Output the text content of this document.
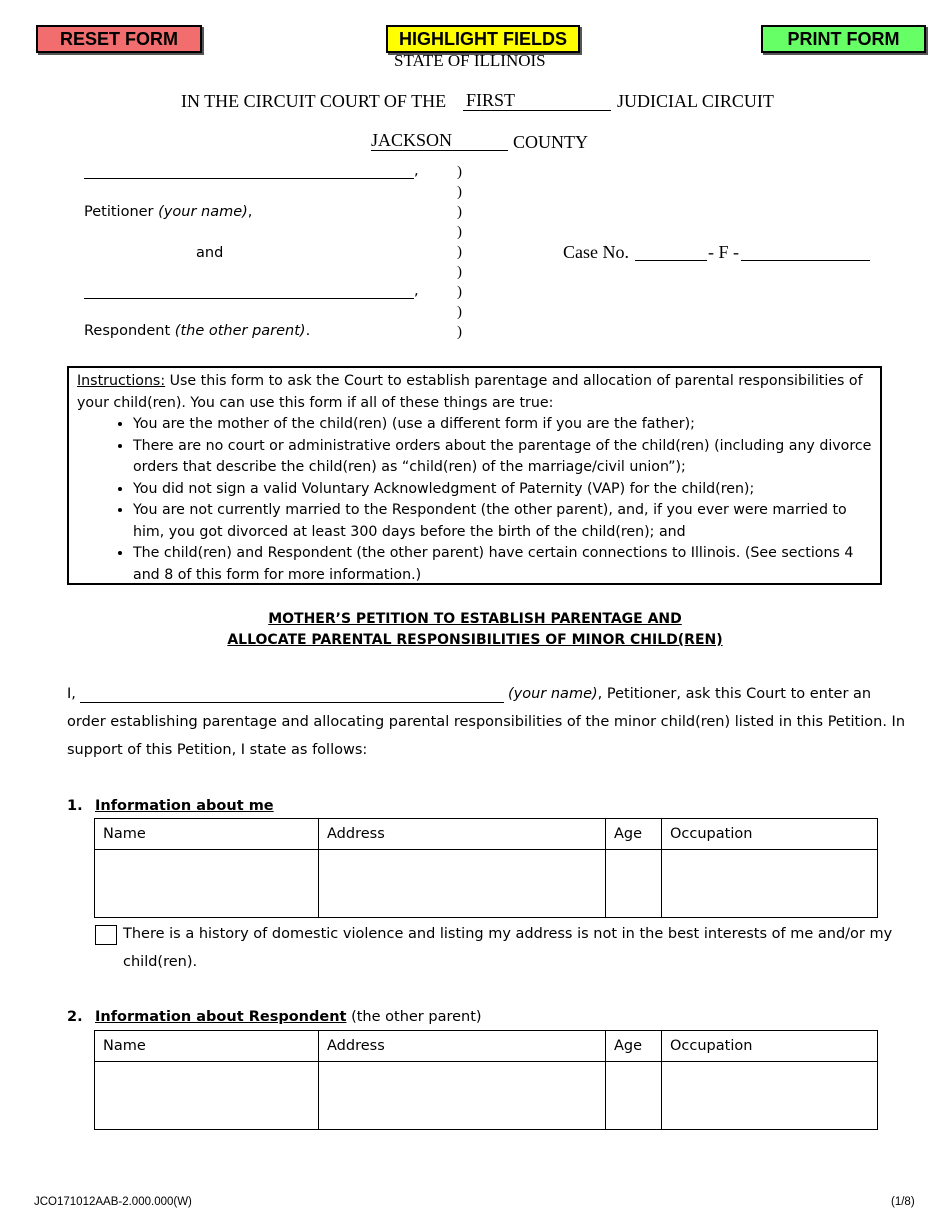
RESET FORM	HIGHLIGHT FIELDS	PRINT FORM
STATE OF ILLINOIS
IN THE CIRCUIT COURT OF THE FIRST	JUDICIAL CIRCUIT
JACKSON	COUNTY
,
Petitioner (your name),
and
,
Respondent (the other parent).
)
)
)
)
)
)
)
)
)
Case No.	- F -
Instructions: Use this form to ask the Court to establish parentage and allocation of parental responsibilities of your child(ren). You can use this form if all of these things are true:
• You are the mother of the child(ren) (use a different form if you are the father);
• There are no court or administrative orders about the parentage of the child(ren) (including any divorce orders that describe the child(ren) as “child(ren) of the marriage/civil union”);
• You did not sign a valid Voluntary Acknowledgment of Paternity (VAP) for the child(ren);
• You are not currently married to the Respondent (the other parent), and, if you ever were married to him, you got divorced at least 300 days before the birth of the child(ren); and
• The child(ren) and Respondent (the other parent) have certain connections to Illinois. (See sections 4 and 8 of this form for more information.)
MOTHER’S PETITION TO ESTABLISH PARENTAGE AND
ALLOCATE PARENTAL RESPONSIBILITIES OF MINOR CHILD(REN)
I,	(your name), Petitioner, ask this Court to enter an
order establishing parentage and allocating parental responsibilities of the minor child(ren) listed in this Petition. In
support of this Petition, I state as follows:
1. Information about me
Name	Address	Age	Occupation

There is a history of domestic violence and listing my address is not in the best interests of me and/or my
child(ren).
2. Information about Respondent (the other parent)
Name	Address	Age	Occupation

JCO171012AAB-2.000.000(W)	(1/8)
